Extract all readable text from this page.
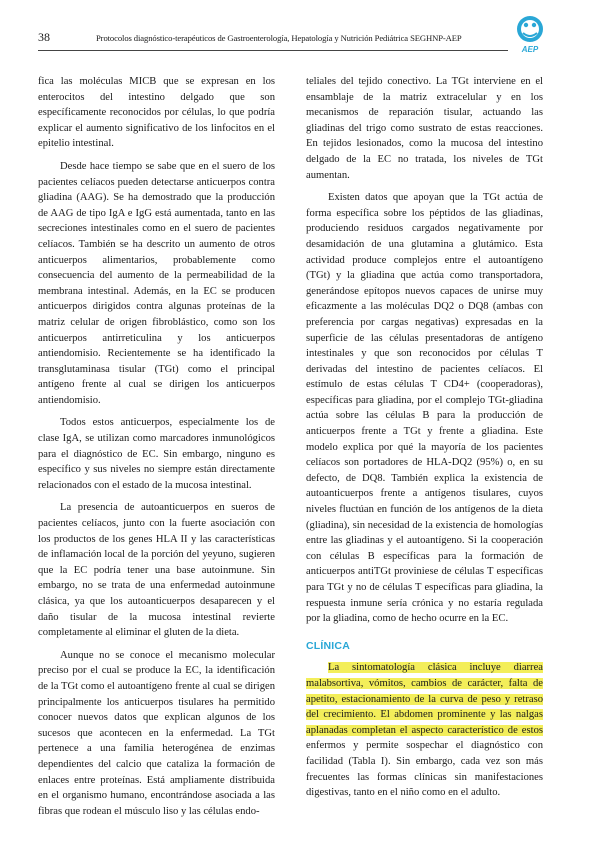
38	Protocolos diagnóstico-terapéuticos de Gastroenterología, Hepatología y Nutrición Pediátrica SEGHNP-AEP
AEP

fica las moléculas MICB que se expresan en los enterocitos del intestino delgado que son específicamente reconocidos por células, lo que podría explicar el aumento significativo de los linfocitos en el epitelio intestinal.

Desde hace tiempo se sabe que en el suero de los pacientes celíacos pueden detectarse anticuerpos contra gliadina (AAG). Se ha demostrado que la producción de AAG de tipo IgA e IgG está aumentada, tanto en las secreciones intestinales como en el suero de pacientes celíacos. También se ha descrito un aumento de otros anticuerpos alimentarios, probablemente como consecuencia del aumento de la permeabilidad de la membrana intestinal. Además, en la EC se producen anticuerpos dirigidos contra algunas proteínas de la matriz celular de origen fibroblástico, como son los anticuerpos antirreticulina y los anticuerpos antiendomisio. Recientemente se ha identificado la transglutaminasa tisular (TGt) como el principal antígeno frente al cual se dirigen los anticuerpos antiendomisio.

Todos estos anticuerpos, especialmente los de clase IgA, se utilizan como marcadores inmunológicos para el diagnóstico de EC. Sin embargo, ninguno es específico y sus niveles no siempre están directamente relacionados con el estado de la mucosa intestinal.

La presencia de autoanticuerpos en sueros de pacientes celíacos, junto con la fuerte asociación con los productos de los genes HLA II y las características de inflamación local de la porción del yeyuno, sugieren que la EC podría tener una base autoinmune. Sin embargo, no se trata de una enfermedad autoinmune clásica, ya que los autoanticuerpos desaparecen y el daño tisular de la mucosa intestinal revierte completamente al eliminar el gluten de la dieta.

Aunque no se conoce el mecanismo molecular preciso por el cual se produce la EC, la identificación de la TGt como el autoantígeno frente al cual se dirigen principalmente los anticuerpos tisulares ha permitido conocer nuevos datos que explican algunos de los sucesos que acontecen en la enfermedad. La TGt pertenece a una familia heterogénea de enzimas dependientes del calcio que cataliza la formación de enlaces entre proteínas. Está ampliamente distribuida en el organismo humano, encontrándose asociada a las fibras que rodean el músculo liso y las células endo-

teliales del tejido conectivo. La TGt interviene en el ensamblaje de la matriz extracelular y en los mecanismos de reparación tisular, actuando las gliadinas del trigo como sustrato de estas reacciones. En tejidos lesionados, como la mucosa del intestino delgado de la EC no tratada, los niveles de TGt aumentan.

Existen datos que apoyan que la TGt actúa de forma específica sobre los péptidos de las gliadinas, produciendo residuos cargados negativamente por desamidación de una glutamina a glutámico. Esta actividad produce complejos entre el autoantígeno (TGt) y la gliadina que actúa como transportadora, generándose epítopos nuevos capaces de unirse muy eficazmente a las moléculas DQ2 o DQ8 (ambas con preferencia por cargas negativas) expresadas en la superficie de las células presentadoras de antígeno intestinales y que son reconocidos por células T derivadas del intestino de pacientes celíacos. El estímulo de estas células T CD4+ (cooperadoras), específicas para gliadina, por el complejo TGt-gliadina actúa sobre las células B para la producción de anticuerpos frente a TGt y frente a gliadina. Este modelo explica por qué la mayoría de los pacientes celíacos son portadores de HLA-DQ2 (95%) o, en su defecto, de DQ8. También explica la existencia de autoanticuerpos frente a antígenos tisulares, cuyos niveles fluctúan en función de los antígenos de la dieta (gliadina), sin necesidad de la existencia de homologías entre las gliadinas y el autoantígeno. Si la cooperación con células B específicas para la formación de anticuerpos antiTGt proviniese de células T específicas para TGt y no de células T específicas para gliadina, la respuesta inmune sería crónica y no estaría regulada por la gliadina, como de hecho ocurre en la EC.

CLÍNICA

La sintomatología clásica incluye diarrea malabsortiva, vómitos, cambios de carácter, falta de apetito, estacionamiento de la curva de peso y retraso del crecimiento. El abdomen prominente y las nalgas aplanadas completan el aspecto característico de estos enfermos y permite sospechar el diagnóstico con facilidad (Tabla I). Sin embargo, cada vez son más frecuentes las formas clínicas sin manifestaciones digestivas, tanto en el niño como en el adulto.
